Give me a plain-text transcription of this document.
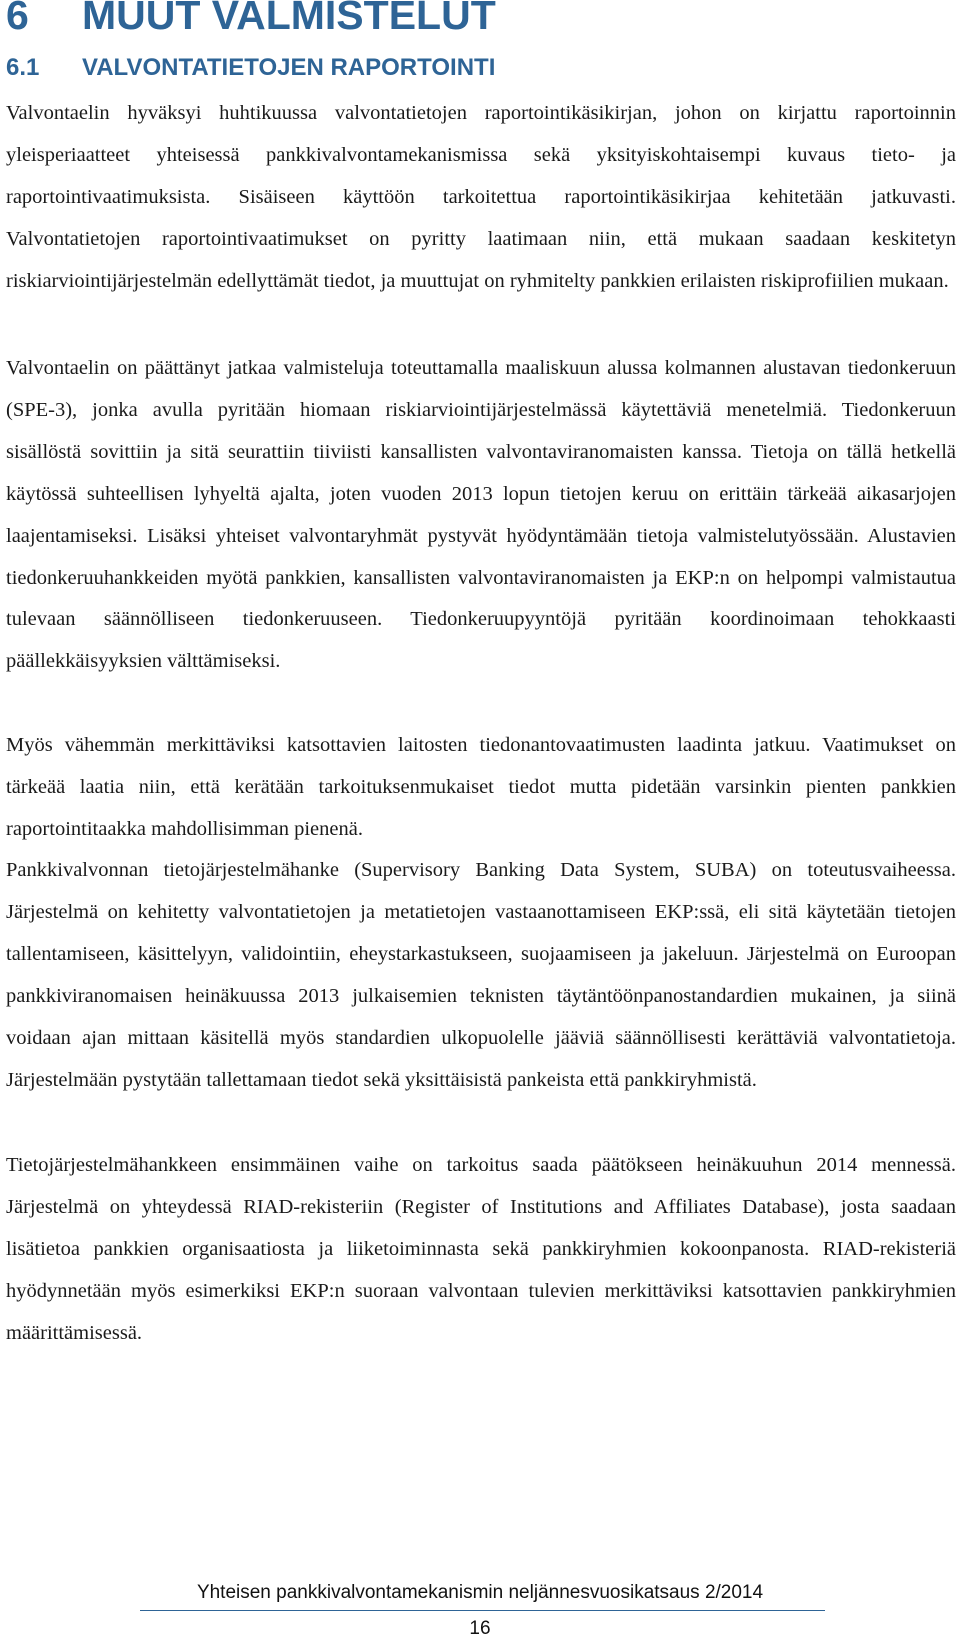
6 MUUT VALMISTELUT
6.1 VALVONTATIETOJEN RAPORTOINTI

Valvontaelin hyväksyi huhtikuussa valvontatietojen raportointikäsikirjan, johon on kirjattu raportoinnin yleisperiaatteet yhteisessä pankkivalvontamekanismissa sekä yksityiskohtaisempi kuvaus tieto- ja raportointivaatimuksista. Sisäiseen käyttöön tarkoitettua raportointikäsikirjaa kehitetään jatkuvasti. Valvontatietojen raportointivaatimukset on pyritty laatimaan niin, että mukaan saadaan keskitetyn riskiarviointijärjestelmän edellyttämät tiedot, ja muuttujat on ryhmitelty pankkien erilaisten riskiprofiilien mukaan.

Valvontaelin on päättänyt jatkaa valmisteluja toteuttamalla maaliskuun alussa kolmannen alustavan tiedonkeruun (SPE-3), jonka avulla pyritään hiomaan riskiarviointijärjestelmässä käytettäviä menetelmiä. Tiedonkeruun sisällöstä sovittiin ja sitä seurattiin tiiviisti kansallisten valvontaviranomaisten kanssa. Tietoja on tällä hetkellä käytössä suhteellisen lyhyeltä ajalta, joten vuoden 2013 lopun tietojen keruu on erittäin tärkeää aikasarjojen laajentamiseksi. Lisäksi yhteiset valvontaryhmät pystyvät hyödyntämään tietoja valmistelutyössään. Alustavien tiedonkeruuhankkeiden myötä pankkien, kansallisten valvontaviranomaisten ja EKP:n on helpompi valmistautua tulevaan säännölliseen tiedonkeruuseen. Tiedonkeruupyyntöjä pyritään koordinoimaan tehokkaasti päällekkäisyyksien välttämiseksi.

Myös vähemmän merkittäviksi katsottavien laitosten tiedonantovaatimusten laadinta jatkuu. Vaatimukset on tärkeää laatia niin, että kerätään tarkoituksenmukaiset tiedot mutta pidetään varsinkin pienten pankkien raportointitaakka mahdollisimman pienenä.

Pankkivalvonnan tietojärjestelmähanke (Supervisory Banking Data System, SUBA) on toteutusvaiheessa. Järjestelmä on kehitetty valvontatietojen ja metatietojen vastaanottamiseen EKP:ssä, eli sitä käytetään tietojen tallentamiseen, käsittelyyn, validointiin, eheystarkastukseen, suojaamiseen ja jakeluun. Järjestelmä on Euroopan pankkiviranomaisen heinäkuussa 2013 julkaisemien teknisten täytäntöönpanostandardien mukainen, ja siinä voidaan ajan mittaan käsitellä myös standardien ulkopuolelle jääviä säännöllisesti kerättäviä valvontatietoja. Järjestelmään pystytään tallettamaan tiedot sekä yksittäisistä pankeista että pankkiryhmistä.

Tietojärjestelmähankkeen ensimmäinen vaihe on tarkoitus saada päätökseen heinäkuuhun 2014 mennessä. Järjestelmä on yhteydessä RIAD-rekisteriin (Register of Institutions and Affiliates Database), josta saadaan lisätietoa pankkien organisaatiosta ja liiketoiminnasta sekä pankkiryhmien kokoonpanosta. RIAD-rekisteriä hyödynnetään myös esimerkiksi EKP:n suoraan valvontaan tulevien merkittäviksi katsottavien pankkiryhmien määrittämisessä.

Yhteisen pankkivalvontamekanismin neljännesvuosikatsaus 2/2014
16
